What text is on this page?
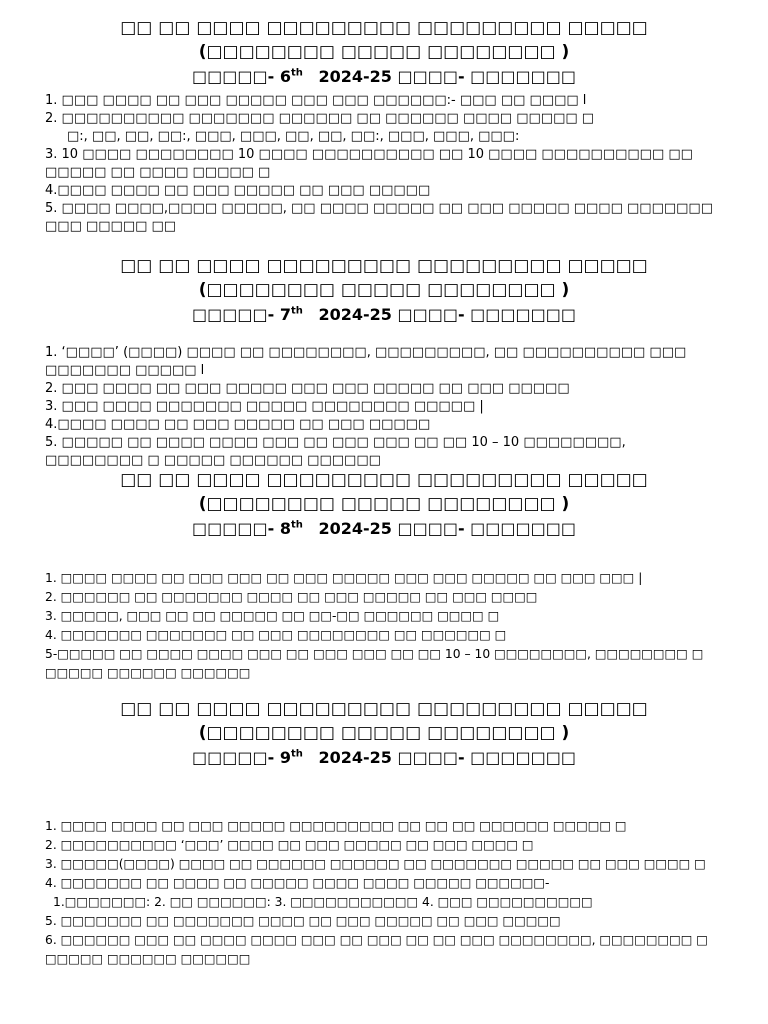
□□ □□ □□□□ □□□□□□□□□ □□□□□□□□□ □□□□□
(□□□□□□□□ □□□□□ □□□□□□□□ )
□□□□□- 6th 2024-25 □□□□- □□□□□□□
1. □□□ □□□□ □□ □□□ □□□□□ □□□ □□□ □□□□□□:- □□□ □□ □□□□ l
2. □□□□□□□□□□ □□□□□□□ □□□□□□ □□ □□□□□□ □□□□ □□□□□ □
□:, □□, □□, □□:, □□□, □□□, □□, □□, □□:, □□□, □□□, □□□:
3. 10 □□□□ □□□□□□□□ 10 □□□□ □□□□□□□□□□ □□ 10 □□□□ □□□□□□□□□□ □□ □□□□□ □□ □□□□ □□□□□ □
4.□□□□ □□□□ □□ □□□ □□□□□ □□ □□□ □□□□□
5. □□□□ □□□□,□□□□ □□□□□, □□ □□□□ □□□□□ □□ □□□ □□□□□ □□□□ □□□□□□□ □□□ □□□□□ □□
□□ □□ □□□□ □□□□□□□□□ □□□□□□□□□ □□□□□
(□□□□□□□□ □□□□□ □□□□□□□□ )
□□□□□- 7th 2024-25 □□□□- □□□□□□□
1. ‘□□□□’ (□□□□) □□□□ □□ □□□□□□□□, □□□□□□□□□, □□ □□□□□□□□□□ □□□ □□□□□□□ □□□□□ l
2. □□□ □□□□ □□ □□□ □□□□□ □□□ □□□ □□□□□ □□ □□□ □□□□□
3. □□□ □□□□ □□□□□□□ □□□□□ □□□□□□□□ □□□□□ |
4.□□□□ □□□□ □□ □□□ □□□□□ □□ □□□ □□□□□
5. □□□□□ □□ □□□□ □□□□ □□□ □□ □□□ □□□ □□ □□ 10 – 10 □□□□□□□□, □□□□□□□□ □ □□□□□ □□□□□□ □□□□□□
□□ □□ □□□□ □□□□□□□□□ □□□□□□□□□ □□□□□
(□□□□□□□□ □□□□□ □□□□□□□□ )
□□□□□- 8th 2024-25 □□□□- □□□□□□□
1. □□□□ □□□□ □□ □□□ □□□ □□ □□□ □□□□□ □□□ □□□ □□□□□ □□ □□□ □□□ |
2. □□□□□□ □□ □□□□□□□ □□□□ □□ □□□ □□□□□ □□ □□□ □□□□
3. □□□□□, □□□ □□ □□ □□□□□ □□ □□-□□ □□□□□□ □□□□ □
4. □□□□□□□ □□□□□□□ □□ □□□ □□□□□□□□ □□ □□□□□□ □
5-□□□□□ □□ □□□□ □□□□ □□□ □□ □□□ □□□ □□ □□ 10 – 10 □□□□□□□□, □□□□□□□□ □ □□□□□ □□□□□□ □□□□□□
□□ □□ □□□□ □□□□□□□□□ □□□□□□□□□ □□□□□
(□□□□□□□□ □□□□□ □□□□□□□□ )
□□□□□- 9th 2024-25 □□□□- □□□□□□□
1. □□□□ □□□□ □□ □□□ □□□□□ □□□□□□□□□ □□ □□ □□ □□□□□□ □□□□□ □
2. □□□□□□□□□□ ‘□□□’ □□□□ □□ □□□ □□□□□ □□ □□□ □□□□ □
3. □□□□□(□□□□) □□□□ □□ □□□□□□ □□□□□□ □□ □□□□□□□ □□□□□ □□ □□□ □□□□ □
4. □□□□□□□ □□ □□□□ □□ □□□□□ □□□□ □□□□ □□□□□ □□□□□□-
1.□□□□□□□: 2. □□ □□□□□□: 3. □□□□□□□□□□□ 4. □□□ □□□□□□□□□□
5. □□□□□□□ □□ □□□□□□□ □□□□ □□ □□□ □□□□□ □□ □□□ □□□□□
6. □□□□□□ □□□ □□ □□□□ □□□□ □□□ □□ □□□ □□ □□ □□□ □□□□□□□□, □□□□□□□□ □ □□□□□ □□□□□□ □□□□□□
